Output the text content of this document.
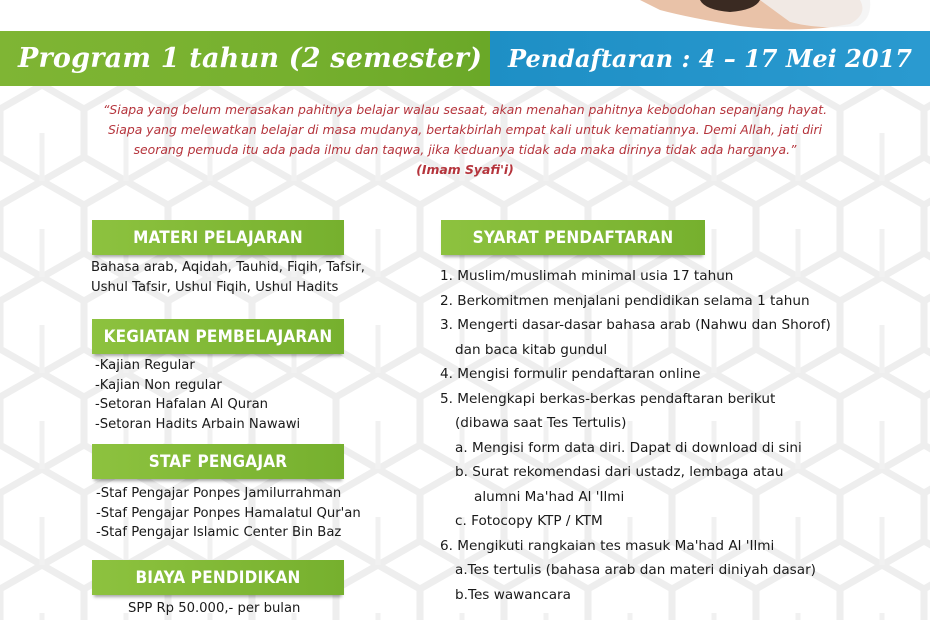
Program 1 tahun (2 semester) Pendaftaran : 4 – 17 Mei 2017
“Siapa yang belum merasakan pahitnya belajar walau sesaat, akan menahan pahitnya kebodohan sepanjang hayat.
Siapa yang melewatkan belajar di masa mudanya, bertakbirlah empat kali untuk kematiannya. Demi Allah, jati diri
seorang pemuda itu ada pada ilmu dan taqwa, jika keduanya tidak ada maka dirinya tidak ada harganya.”
(Imam Syafi'i)
MATERI PELAJARAN
Bahasa arab, Aqidah, Tauhid, Fiqih, Tafsir,
Ushul Tafsir, Ushul Fiqih, Ushul Hadits
KEGIATAN PEMBELAJARAN
-Kajian Regular
-Kajian Non regular
-Setoran Hafalan Al Quran
-Setoran Hadits Arbain Nawawi
STAF PENGAJAR
-Staf Pengajar Ponpes Jamilurrahman
-Staf Pengajar Ponpes Hamalatul Qur'an
-Staf Pengajar Islamic Center Bin Baz
BIAYA PENDIDIKAN
SPP Rp 50.000,- per bulan
SYARAT PENDAFTARAN
1. Muslim/muslimah minimal usia 17 tahun
2. Berkomitmen menjalani pendidikan selama 1 tahun
3. Mengerti dasar-dasar bahasa arab (Nahwu dan Shorof)
dan baca kitab gundul
4. Mengisi formulir pendaftaran online
5. Melengkapi berkas-berkas pendaftaran berikut
(dibawa saat Tes Tertulis)
a. Mengisi form data diri. Dapat di download di sini
b. Surat rekomendasi dari ustadz, lembaga atau
alumni Ma'had Al 'Ilmi
c. Fotocopy KTP / KTM
6. Mengikuti rangkaian tes masuk Ma'had Al 'Ilmi
a.Tes tertulis (bahasa arab dan materi diniyah dasar)
b.Tes wawancara
